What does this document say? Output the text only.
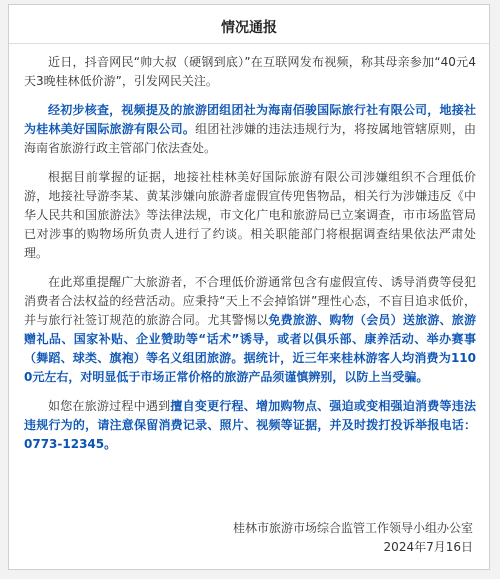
情况通报

近日，抖音网民“帅大叔（硬钢到底）”在互联网发布视频，称其母亲参加“40元4天3晚桂林低价游”，引发网民关注。

经初步核查，视频提及的旅游团组团社为海南佰骏国际旅行社有限公司，地接社为桂林美好国际旅游有限公司。组团社涉嫌的违法违规行为，将按属地管辖原则，由海南省旅游行政主管部门依法查处。

根据目前掌握的证据，地接社桂林美好国际旅游有限公司涉嫌组织不合理低价游，地接社导游李某、黄某涉嫌向旅游者虚假宣传兜售物品，相关行为涉嫌违反《中华人民共和国旅游法》等法律法规，市文化广电和旅游局已立案调查，市市场监管局已对涉事的购物场所负责人进行了约谈。相关职能部门将根据调查结果依法严肃处理。

在此郑重提醒广大旅游者，不合理低价游通常包含有虚假宣传、诱导消费等侵犯消费者合法权益的经营活动。应秉持“天上不会掉馅饼”理性心态，不盲目追求低价，并与旅行社签订规范的旅游合同。尤其警惕以免费旅游、购物（会员）送旅游、旅游赠礼品、国家补贴、企业赞助等“话术”诱导，或者以俱乐部、康养活动、举办赛事（舞蹈、球类、旗袍）等名义组团旅游。据统计，近三年来桂林游客人均消费为1100元左右，对明显低于市场正常价格的旅游产品须谨慎辨别，以防上当受骗。

如您在旅游过程中遇到擅自变更行程、增加购物点、强迫或变相强迫消费等违法违规行为的，请注意保留消费记录、照片、视频等证据，并及时拨打投诉举报电话：0773-12345。

桂林市旅游市场综合监管工作领导小组办公室
2024年7月16日
